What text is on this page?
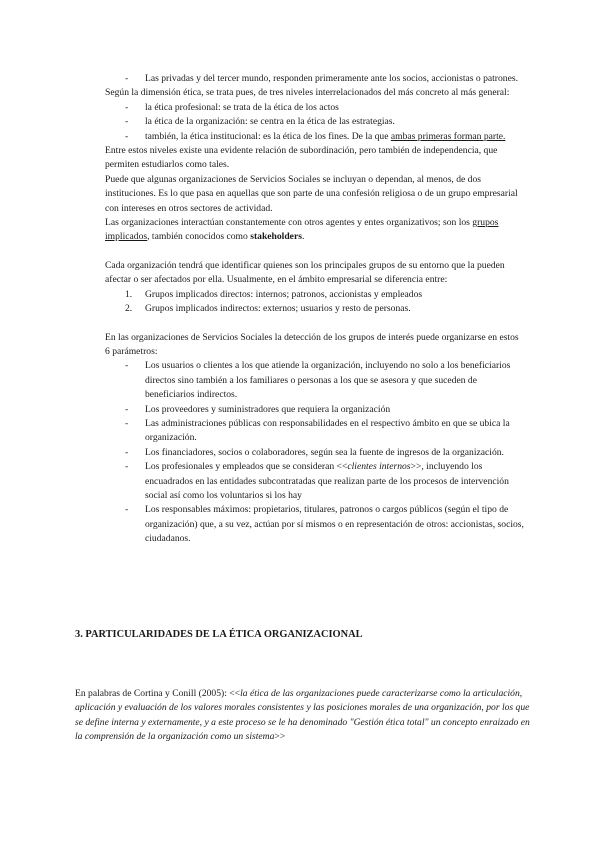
- Las privadas y del tercer mundo, responden primeramente ante los socios, accionistas o patrones.

Según la dimensión ética, se trata pues, de tres niveles interrelacionados del más concreto al más general:

- la ética profesional: se trata de la ética de los actos
- la ética de la organización: se centra en la ética de las estrategias.
- también, la ética institucional: es la ética de los fines. De la que ambas primeras forman parte.

Entre estos niveles existe una evidente relación de subordinación, pero también de independencia, que permiten estudiarlos como tales.

Puede que algunas organizaciones de Servicios Sociales se incluyan o dependan, al menos, de dos instituciones. Es lo que pasa en aquellas que son parte de una confesión religiosa o de un grupo empresarial con intereses en otros sectores de actividad.

Las organizaciones interactúan constantemente con otros agentes y entes organizativos; son los grupos implicados, también conocidos como stakeholders.

Cada organización tendrá que identificar quienes son los principales grupos de su entorno que la pueden afectar o ser afectados por ella. Usualmente, en el ámbito empresarial se diferencia entre:

1. Grupos implicados directos: internos; patronos, accionistas y empleados
2. Grupos implicados indirectos: externos; usuarios y resto de personas.

En las organizaciones de Servicios Sociales la detección de los grupos de interés puede organizarse en estos 6 parámetros:

- Los usuarios o clientes a los que atiende la organización, incluyendo no solo a los beneficiarios directos sino también a los familiares o personas a los que se asesora y que suceden de beneficiarios indirectos.
- Los proveedores y suministradores que requiera la organización
- Las administraciones públicas con responsabilidades en el respectivo ámbito en que se ubica la organización.
- Los financiadores, socios o colaboradores, según sea la fuente de ingresos de la organización.
- Los profesionales y empleados que se consideran <<clientes internos>>, incluyendo los encuadrados en las entidades subcontratadas que realizan parte de los procesos de intervención social así como los voluntarios si los hay
- Los responsables máximos: propietarios, titulares, patronos o cargos públicos (según el tipo de organización) que, a su vez, actúan por sí mismos o en representación de otros: accionistas, socios, ciudadanos.
3. PARTICULARIDADES DE LA ÉTICA ORGANIZACIONAL

En palabras de Cortina y Conill (2005): <<la ética de las organizaciones puede caracterizarse como la articulación, aplicación y evaluación de los valores morales consistentes y las posiciones morales de una organización, por los que se define interna y externamente, y a este proceso se le ha denominado "Gestión ética total" un concepto enraizado en la comprensión de la organización como un sistema>>
